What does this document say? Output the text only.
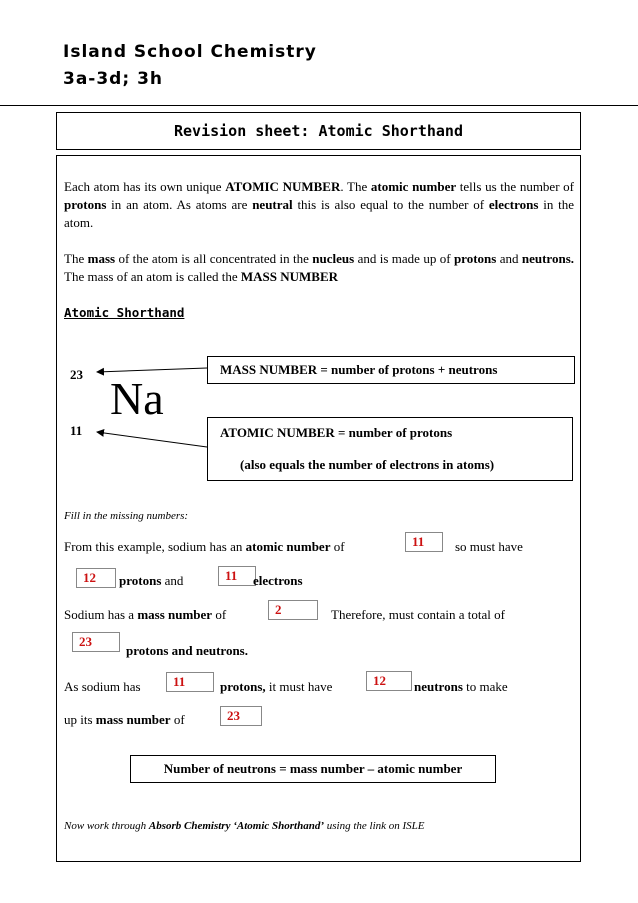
Island School Chemistry
3a-3d; 3h
Revision sheet: Atomic Shorthand
Each atom has its own unique ATOMIC NUMBER. The atomic number tells us the number of protons in an atom. As atoms are neutral this is also equal to the number of electrons in the atom.
The mass of the atom is all concentrated in the nucleus and is made up of protons and neutrons. The mass of an atom is called the MASS NUMBER
Atomic Shorthand
23
11
Na
MASS NUMBER = number of protons + neutrons
ATOMIC NUMBER = number of protons
(also equals the number of electrons in atoms)
Fill in the missing numbers:
From this example, sodium has an atomic number of	11	so must have
12	protons and	11	electrons
Sodium has a mass number of	2	Therefore, must contain a total of
23
protons and neutrons.
As sodium has	11	protons, it must have	12	neutrons to make
up its mass number of	23
Number of neutrons = mass number – atomic number
Now work through Absorb Chemistry ‘Atomic Shorthand’ using the link on ISLE
